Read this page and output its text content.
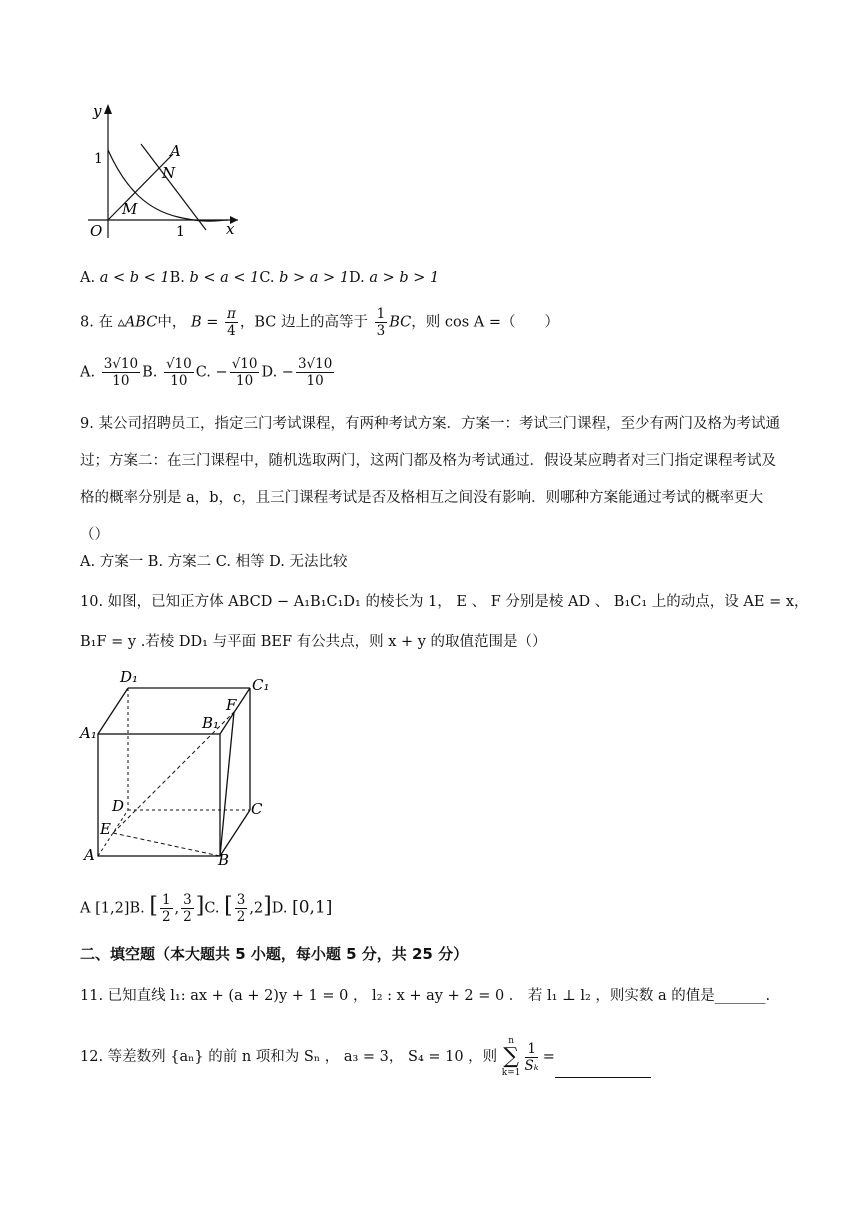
y
x
O
1
1
A
N
M
A. a < b < 1B. b < a < 1C. b > a > 1D. a > b > 1
8. 在 ▵ABC中， $B = \frac{\pi}{4}$ ，BC 边上的高等于 $\frac{1}{3}$ BC，则 cos A =（　　）
A. $\frac{3√10}{10} B$. $\frac{√10}{10} C$. − $\frac{√10}{10} D$. − $\frac{3√10}{10}$
9. 某公司招聘员工，指定三门考试课程，有两种考试方案．方案一：考试三门课程，至少有两门及格为考试通过；方案二：在三门课程中，随机选取两门，这两门都及格为考试通过．假设某应聘者对三门指定课程考试及格的概率分别是 a，b，c，且三门课程考试是否及格相互之间没有影响．则哪种方案能通过考试的概率更大（）
A. 方案一 B. 方案二 C. 相等 D. 无法比较
10. 如图，已知正方体 ABCD − A₁B₁C₁D₁ 的棱长为 1， E 、 F 分别是棱 AD 、 B₁C₁ 上的动点，设 AE = x，
B₁F = y .若棱 DD₁ 与平面 BEF 有公共点，则 x + y 的取值范围是（）
D₁	C₁
A₁
B₁
F
D	C
E
A	B
A [1,2]B. [ $\frac{1}{2}$ , $\frac{3}{2} ]C$. [ $\frac{3}{2} ,2]D$. [0,1]
二、填空题（本大题共 5 小题，每小题 5 分，共 25 分）
11. 已知直线 l₁: ax + (a + 2)y + 1 = 0 ， l₂ : x + ay + 2 = 0 ． 若 l₁ ⊥ l₂ ，则实数 a 的值是_______.
12. 等差数列 {aₙ} 的前 n 项和为 Sₙ ， a₃ = 3， S₄ = 10 ，则
n
∑
$k=1 \frac{1}{\text{Sₖ}}$ =
